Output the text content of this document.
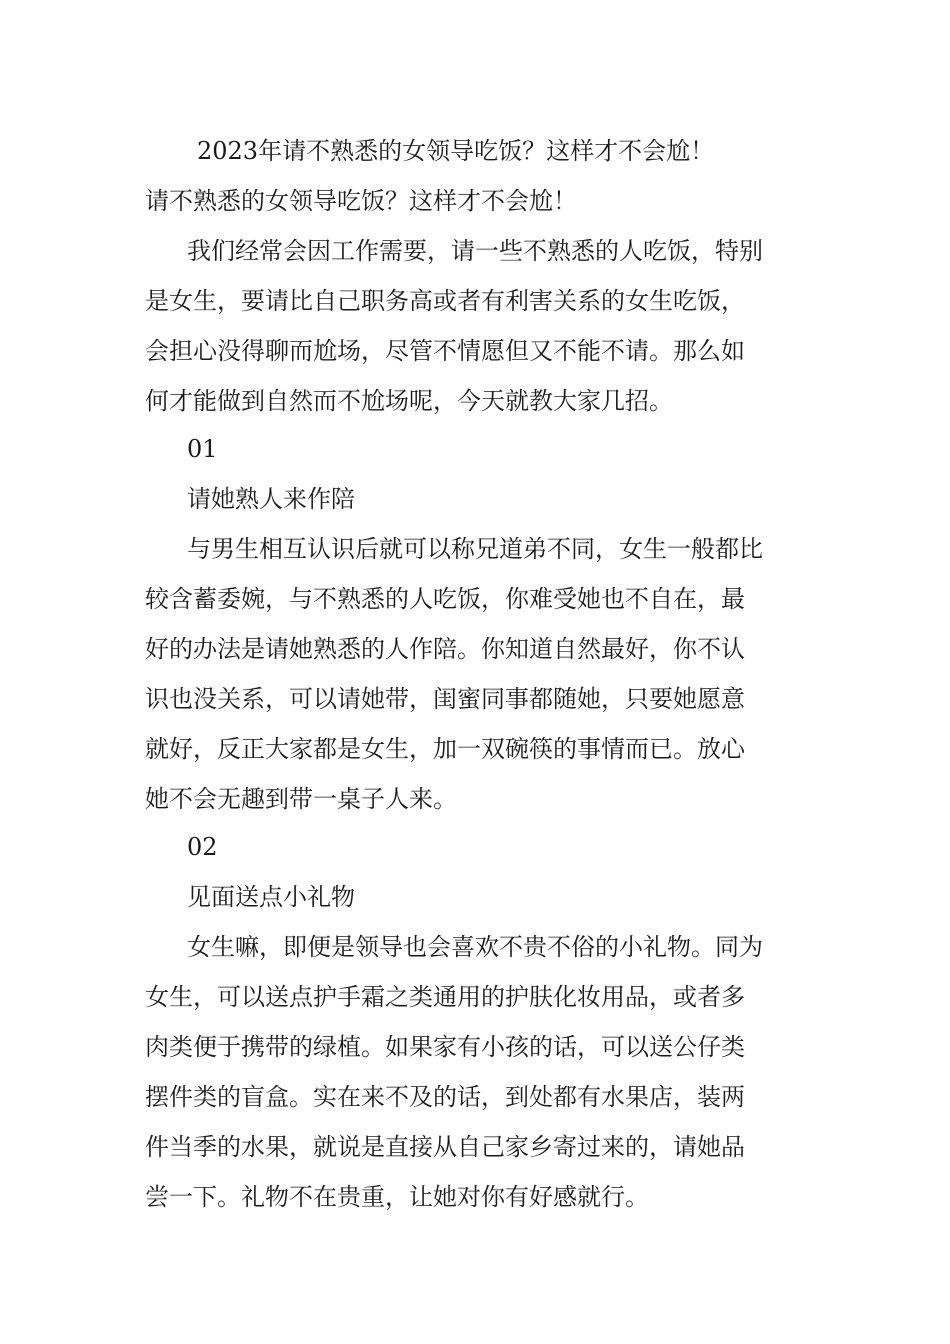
2023年请不熟悉的女领导吃饭？这样才不会尬！
请不熟悉的女领导吃饭？这样才不会尬！
我们经常会因工作需要，请一些不熟悉的人吃饭，特别
是女生，要请比自己职务高或者有利害关系的女生吃饭，
会担心没得聊而尬场，尽管不情愿但又不能不请。那么如
何才能做到自然而不尬场呢，今天就教大家几招。
01
请她熟人来作陪
与男生相互认识后就可以称兄道弟不同，女生一般都比
较含蓄委婉，与不熟悉的人吃饭，你难受她也不自在，最
好的办法是请她熟悉的人作陪。你知道自然最好，你不认
识也没关系，可以请她带，闺蜜同事都随她，只要她愿意
就好，反正大家都是女生，加一双碗筷的事情而已。放心
她不会无趣到带一桌子人来。
02
见面送点小礼物
女生嘛，即便是领导也会喜欢不贵不俗的小礼物。同为
女生，可以送点护手霜之类通用的护肤化妆用品，或者多
肉类便于携带的绿植。如果家有小孩的话，可以送公仔类
摆件类的盲盒。实在来不及的话，到处都有水果店，装两
件当季的水果，就说是直接从自己家乡寄过来的，请她品
尝一下。礼物不在贵重，让她对你有好感就行。
